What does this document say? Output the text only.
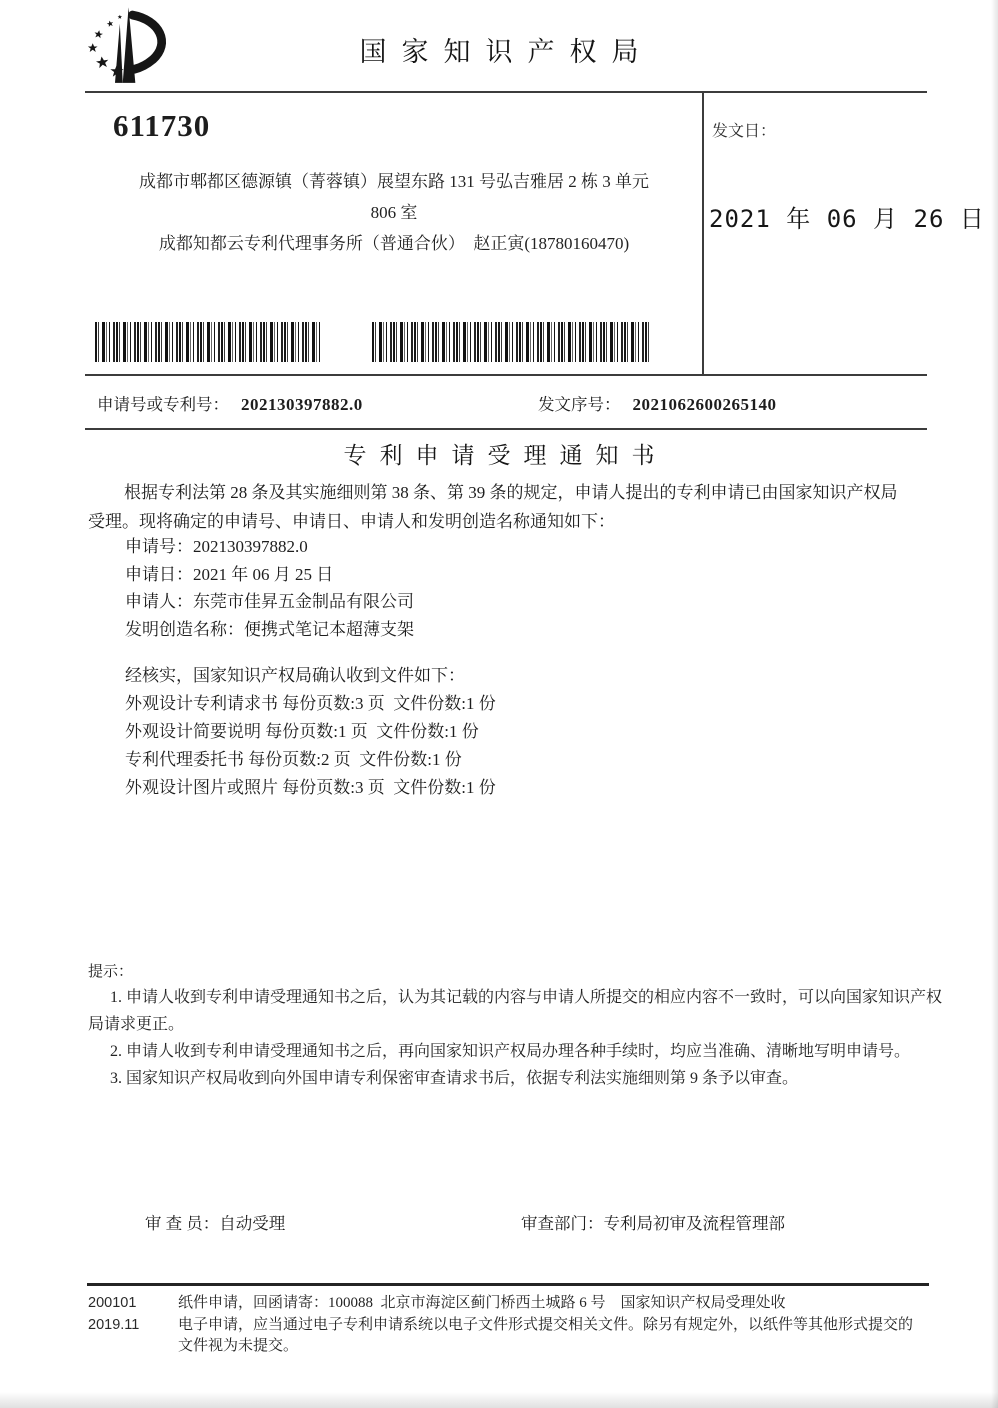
国家知识产权局
611730
成都市郫都区德源镇（菁蓉镇）展望东路 131 号弘吉雅居 2 栋 3 单元
806 室
成都知都云专利代理事务所（普通合伙）  赵正寅(18780160470)
发文日：
2021 年 06 月 26 日
申请号或专利号： 202130397882.0	发文序号： 2021062600265140
专利申请受理通知书

根据专利法第 28 条及其实施细则第 38 条、第 39 条的规定，申请人提出的专利申请已由国家知识产权局受理。现将确定的申请号、申请日、申请人和发明创造名称通知如下：

申请号：202130397882.0
申请日：2021 年 06 月 25 日
申请人：东莞市佳昇五金制品有限公司
发明创造名称：便携式笔记本超薄支架
经核实，国家知识产权局确认收到文件如下：
外观设计专利请求书 每份页数:3 页  文件份数:1 份
外观设计简要说明 每份页数:1 页  文件份数:1 份
专利代理委托书 每份页数:2 页  文件份数:1 份
外观设计图片或照片 每份页数:3 页  文件份数:1 份
提示：

1. 申请人收到专利申请受理通知书之后，认为其记载的内容与申请人所提交的相应内容不一致时，可以向国家知识产权局请求更正。

2. 申请人收到专利申请受理通知书之后，再向国家知识产权局办理各种手续时，均应当准确、清晰地写明申请号。

3. 国家知识产权局收到向外国申请专利保密审查请求书后，依据专利法实施细则第 9 条予以审查。

审 查 员：自动受理	审查部门：专利局初审及流程管理部
200101
2019.11

纸件申请，回函请寄：100088  北京市海淀区蓟门桥西土城路 6 号　国家知识产权局受理处收

电子申请，应当通过电子专利申请系统以电子文件形式提交相关文件。除另有规定外，以纸件等其他形式提交的文件视为未提交。
